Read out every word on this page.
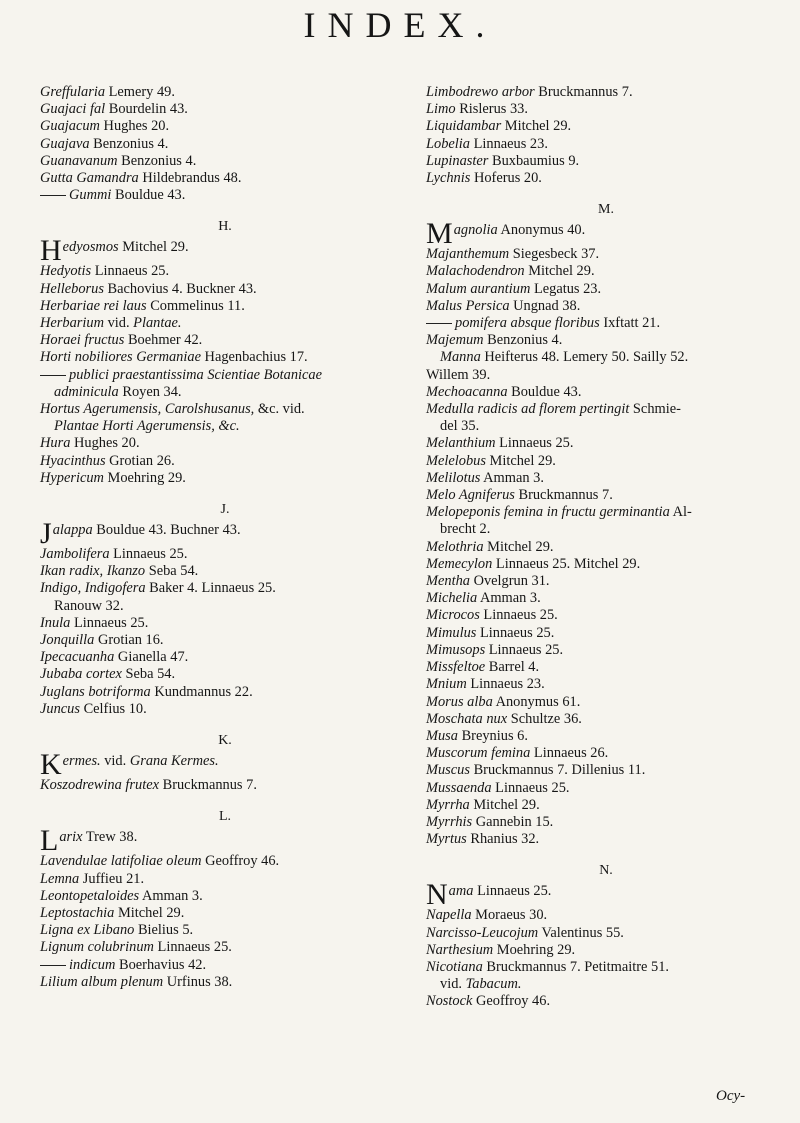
INDEX.
Greffularia Lemery 49.
Guajaci fal Bourdelin 43.
Guajacum Hughes 20.
Guajava Benzonius 4.
Guanavanum Benzonius 4.
Gutta Gamandra Hildebrandus 48.
Gummi Bouldue 43.
H.
Hedyosmos Mitchel 29.
Hedyotis Linnaeus 25.
Helleborus Bachovius 4. Buckner 43.
Herbariae rei laus Commelinus 11.
Herbarium vid. Plantae.
Horaei fructus Boehmer 42.
Horti nobiliores Germaniae Hagenbachius 17.
publici praestantissima Scientiae Botanicae
adminicula Royen 34.
Hortus Agerumensis, Carolshusanus, &c. vid.
Plantae Horti Agerumensis, &c.
Hura Hughes 20.
Hyacinthus Grotian 26.
Hypericum Moehring 29.
J.
Jalappa Bouldue 43. Buchner 43.
Jambolifera Linnaeus 25.
Ikan radix, Ikanzo Seba 54.
Indigo, Indigofera Baker 4. Linnaeus 25.
Ranouw 32.
Inula Linnaeus 25.
Jonquilla Grotian 16.
Ipecacuanha Gianella 47.
Jubaba cortex Seba 54.
Juglans botriforma Kundmannus 22.
Juncus Celfius 10.
K.
Kermes. vid. Grana Kermes.
Koszodrewina frutex Bruckmannus 7.
L.
Larix Trew 38.
Lavendulae latifoliae oleum Geoffroy 46.
Lemna Juffieu 21.
Leontopetaloides Amman 3.
Leptostachia Mitchel 29.
Ligna ex Libano Bielius 5.
Lignum colubrinum Linnaeus 25.
indicum Boerhavius 42.
Lilium album plenum Urfinus 38.
Limbodrewo arbor Bruckmannus 7.
Limo Rislerus 33.
Liquidambar Mitchel 29.
Lobelia Linnaeus 23.
Lupinaster Buxbaumius 9.
Lychnis Hoferus 20.
M.
Magnolia Anonymus 40.
Majanthemum Siegesbeck 37.
Malachodendron Mitchel 29.
Malum aurantium Legatus 23.
Malus Persica Ungnad 38.
pomifera absque floribus Ixftatt 21.
Majemum Benzonius 4.
Manna Heifterus 48. Lemery 50. Sailly 52.
Willem 39.
Mechoacanna Bouldue 43.
Medulla radicis ad florem pertingit Schmie-
del 35.
Melanthium Linnaeus 25.
Melelobus Mitchel 29.
Melilotus Amman 3.
Melo Agniferus Bruckmannus 7.
Melopeponis femina in fructu germinantia Al-
brecht 2.
Melothria Mitchel 29.
Memecylon Linnaeus 25. Mitchel 29.
Mentha Ovelgrun 31.
Michelia Amman 3.
Microcos Linnaeus 25.
Mimulus Linnaeus 25.
Mimusops Linnaeus 25.
Missfeltoe Barrel 4.
Mnium Linnaeus 23.
Morus alba Anonymus 61.
Moschata nux Schultze 36.
Musa Breynius 6.
Muscorum femina Linnaeus 26.
Muscus Bruckmannus 7. Dillenius 11.
Mussaenda Linnaeus 25.
Myrrha Mitchel 29.
Myrrhis Gannebin 15.
Myrtus Rhanius 32.
N.
Nama Linnaeus 25.
Napella Moraeus 30.
Narcisso-Leucojum Valentinus 55.
Narthesium Moehring 29.
Nicotiana Bruckmannus 7. Petitmaitre 51.
vid. Tabacum.
Nostock Geoffroy 46.
Ocy-
